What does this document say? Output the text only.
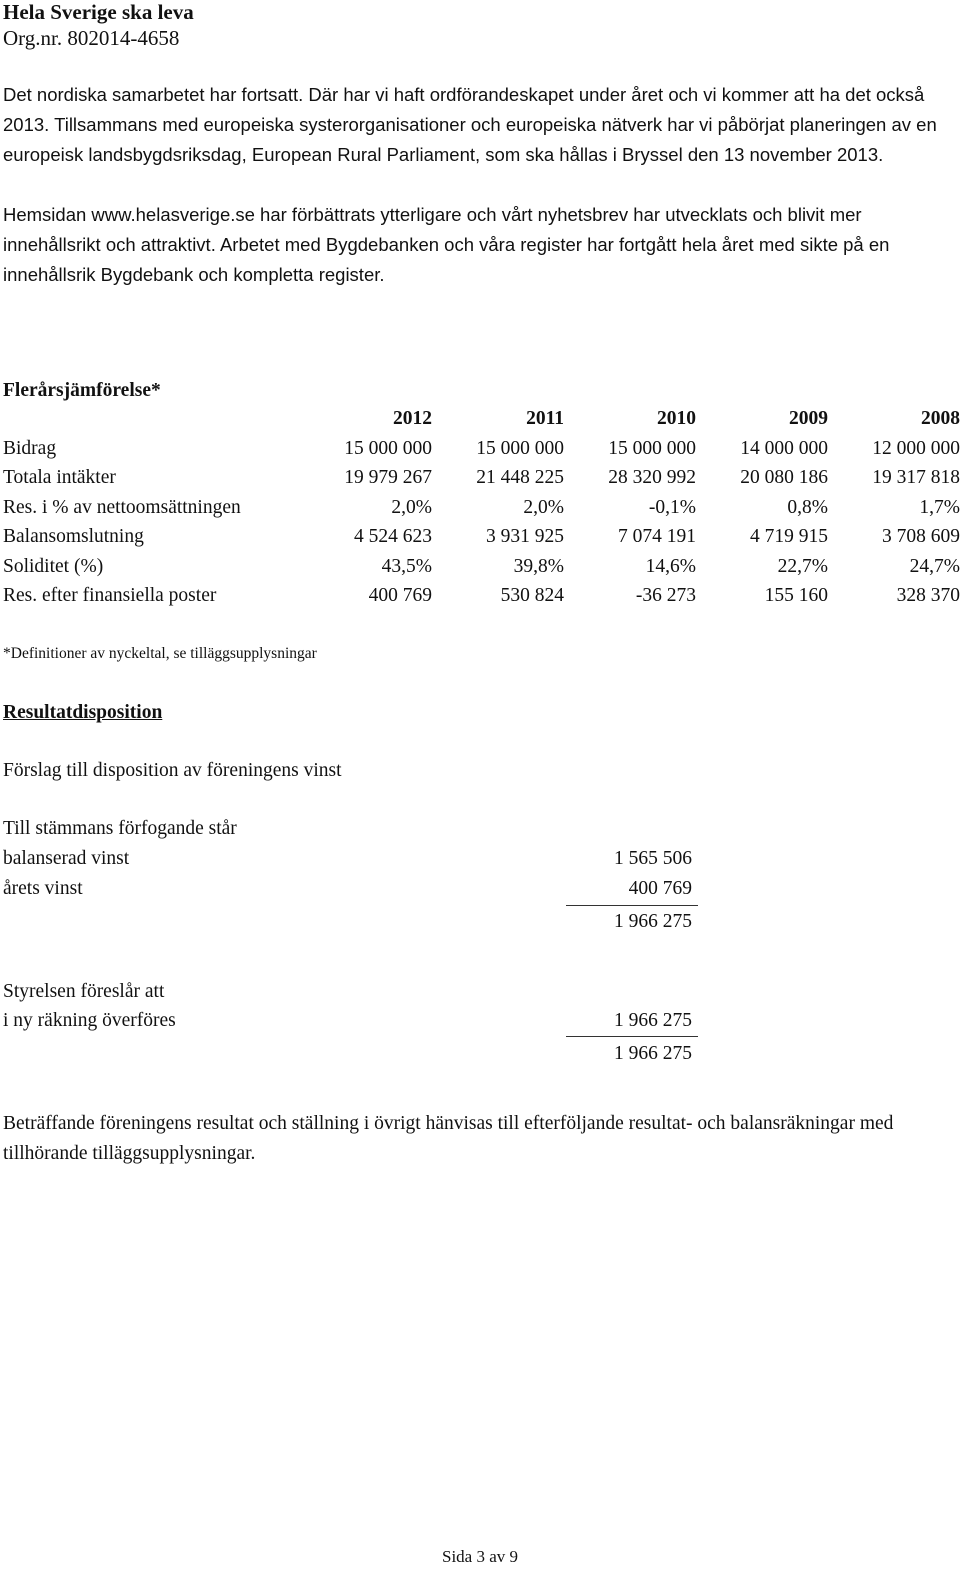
Hela Sverige ska leva
Org.nr. 802014-4658

Det nordiska samarbetet har fortsatt. Där har vi haft ordförandeskapet under året och vi kommer att ha det också 2013. Tillsammans med europeiska systerorganisationer och europeiska nätverk har vi påbörjat planeringen av en europeisk landsbygdsriksdag, European Rural Parliament, som ska hållas i Bryssel den 13 november 2013.

Hemsidan www.helasverige.se har förbättrats ytterligare och vårt nyhetsbrev har utvecklats och blivit mer innehållsrikt och attraktivt. Arbetet med Bygdebanken och våra register har fortgått hela året med sikte på en innehållsrik Bygdebank och kompletta register.

Flerårsjämförelse*
	2012	2011	2010	2009	2008
Bidrag	15 000 000	15 000 000	15 000 000	14 000 000	12 000 000
Totala intäkter	19 979 267	21 448 225	28 320 992	20 080 186	19 317 818
Res. i % av nettoomsättningen	2,0%	2,0%	-0,1%	0,8%	1,7%
Balansomslutning	4 524 623	3 931 925	7 074 191	4 719 915	3 708 609
Soliditet (%)	43,5%	39,8%	14,6%	22,7%	24,7%
Res. efter finansiella poster	400 769	530 824	-36 273	155 160	328 370
*Definitioner av nyckeltal, se tilläggsupplysningar
Resultatdisposition
Förslag till disposition av föreningens vinst
Till stämmans förfogande står
balanserad vinst	1 565 506
årets vinst	400 769
1 966 275
Styrelsen föreslår att
i ny räkning överföres	1 966 275
1 966 275

Beträffande föreningens resultat och ställning i övrigt hänvisas till efterföljande resultat- och balansräkningar med tillhörande tilläggsupplysningar.

Sida 3 av 9
